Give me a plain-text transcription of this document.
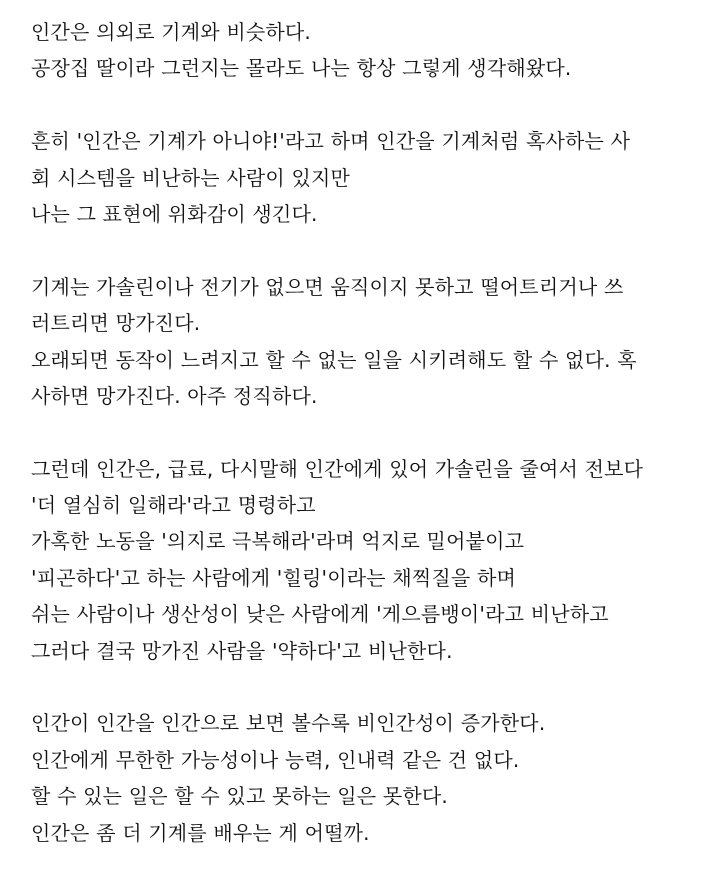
인간은 의외로 기계와 비슷하다.
공장집 딸이라 그런지는 몰라도 나는 항상 그렇게 생각해왔다.
흔히 '인간은 기계가 아니야!'라고 하며 인간을 기계처럼 혹사하는 사
회 시스템을 비난하는 사람이 있지만
나는 그 표현에 위화감이 생긴다.
기계는 가솔린이나 전기가 없으면 움직이지 못하고 떨어트리거나 쓰
러트리면 망가진다.
오래되면 동작이 느려지고 할 수 없는 일을 시키려해도 할 수 없다. 혹
사하면 망가진다. 아주 정직하다.
그런데 인간은, 급료, 다시말해 인간에게 있어 가솔린을 줄여서 전보다
'더 열심히 일해라'라고 명령하고
가혹한 노동을 '의지로 극복해라'라며 억지로 밀어붙이고
'피곤하다'고 하는 사람에게 '힐링'이라는 채찍질을 하며
쉬는 사람이나 생산성이 낮은 사람에게 '게으름뱅이'라고 비난하고
그러다 결국 망가진 사람을 '약하다'고 비난한다.
인간이 인간을 인간으로 보면 볼수록 비인간성이 증가한다.
인간에게 무한한 가능성이나 능력, 인내력 같은 건 없다.
할 수 있는 일은 할 수 있고 못하는 일은 못한다.
인간은 좀 더 기계를 배우는 게 어떨까.
